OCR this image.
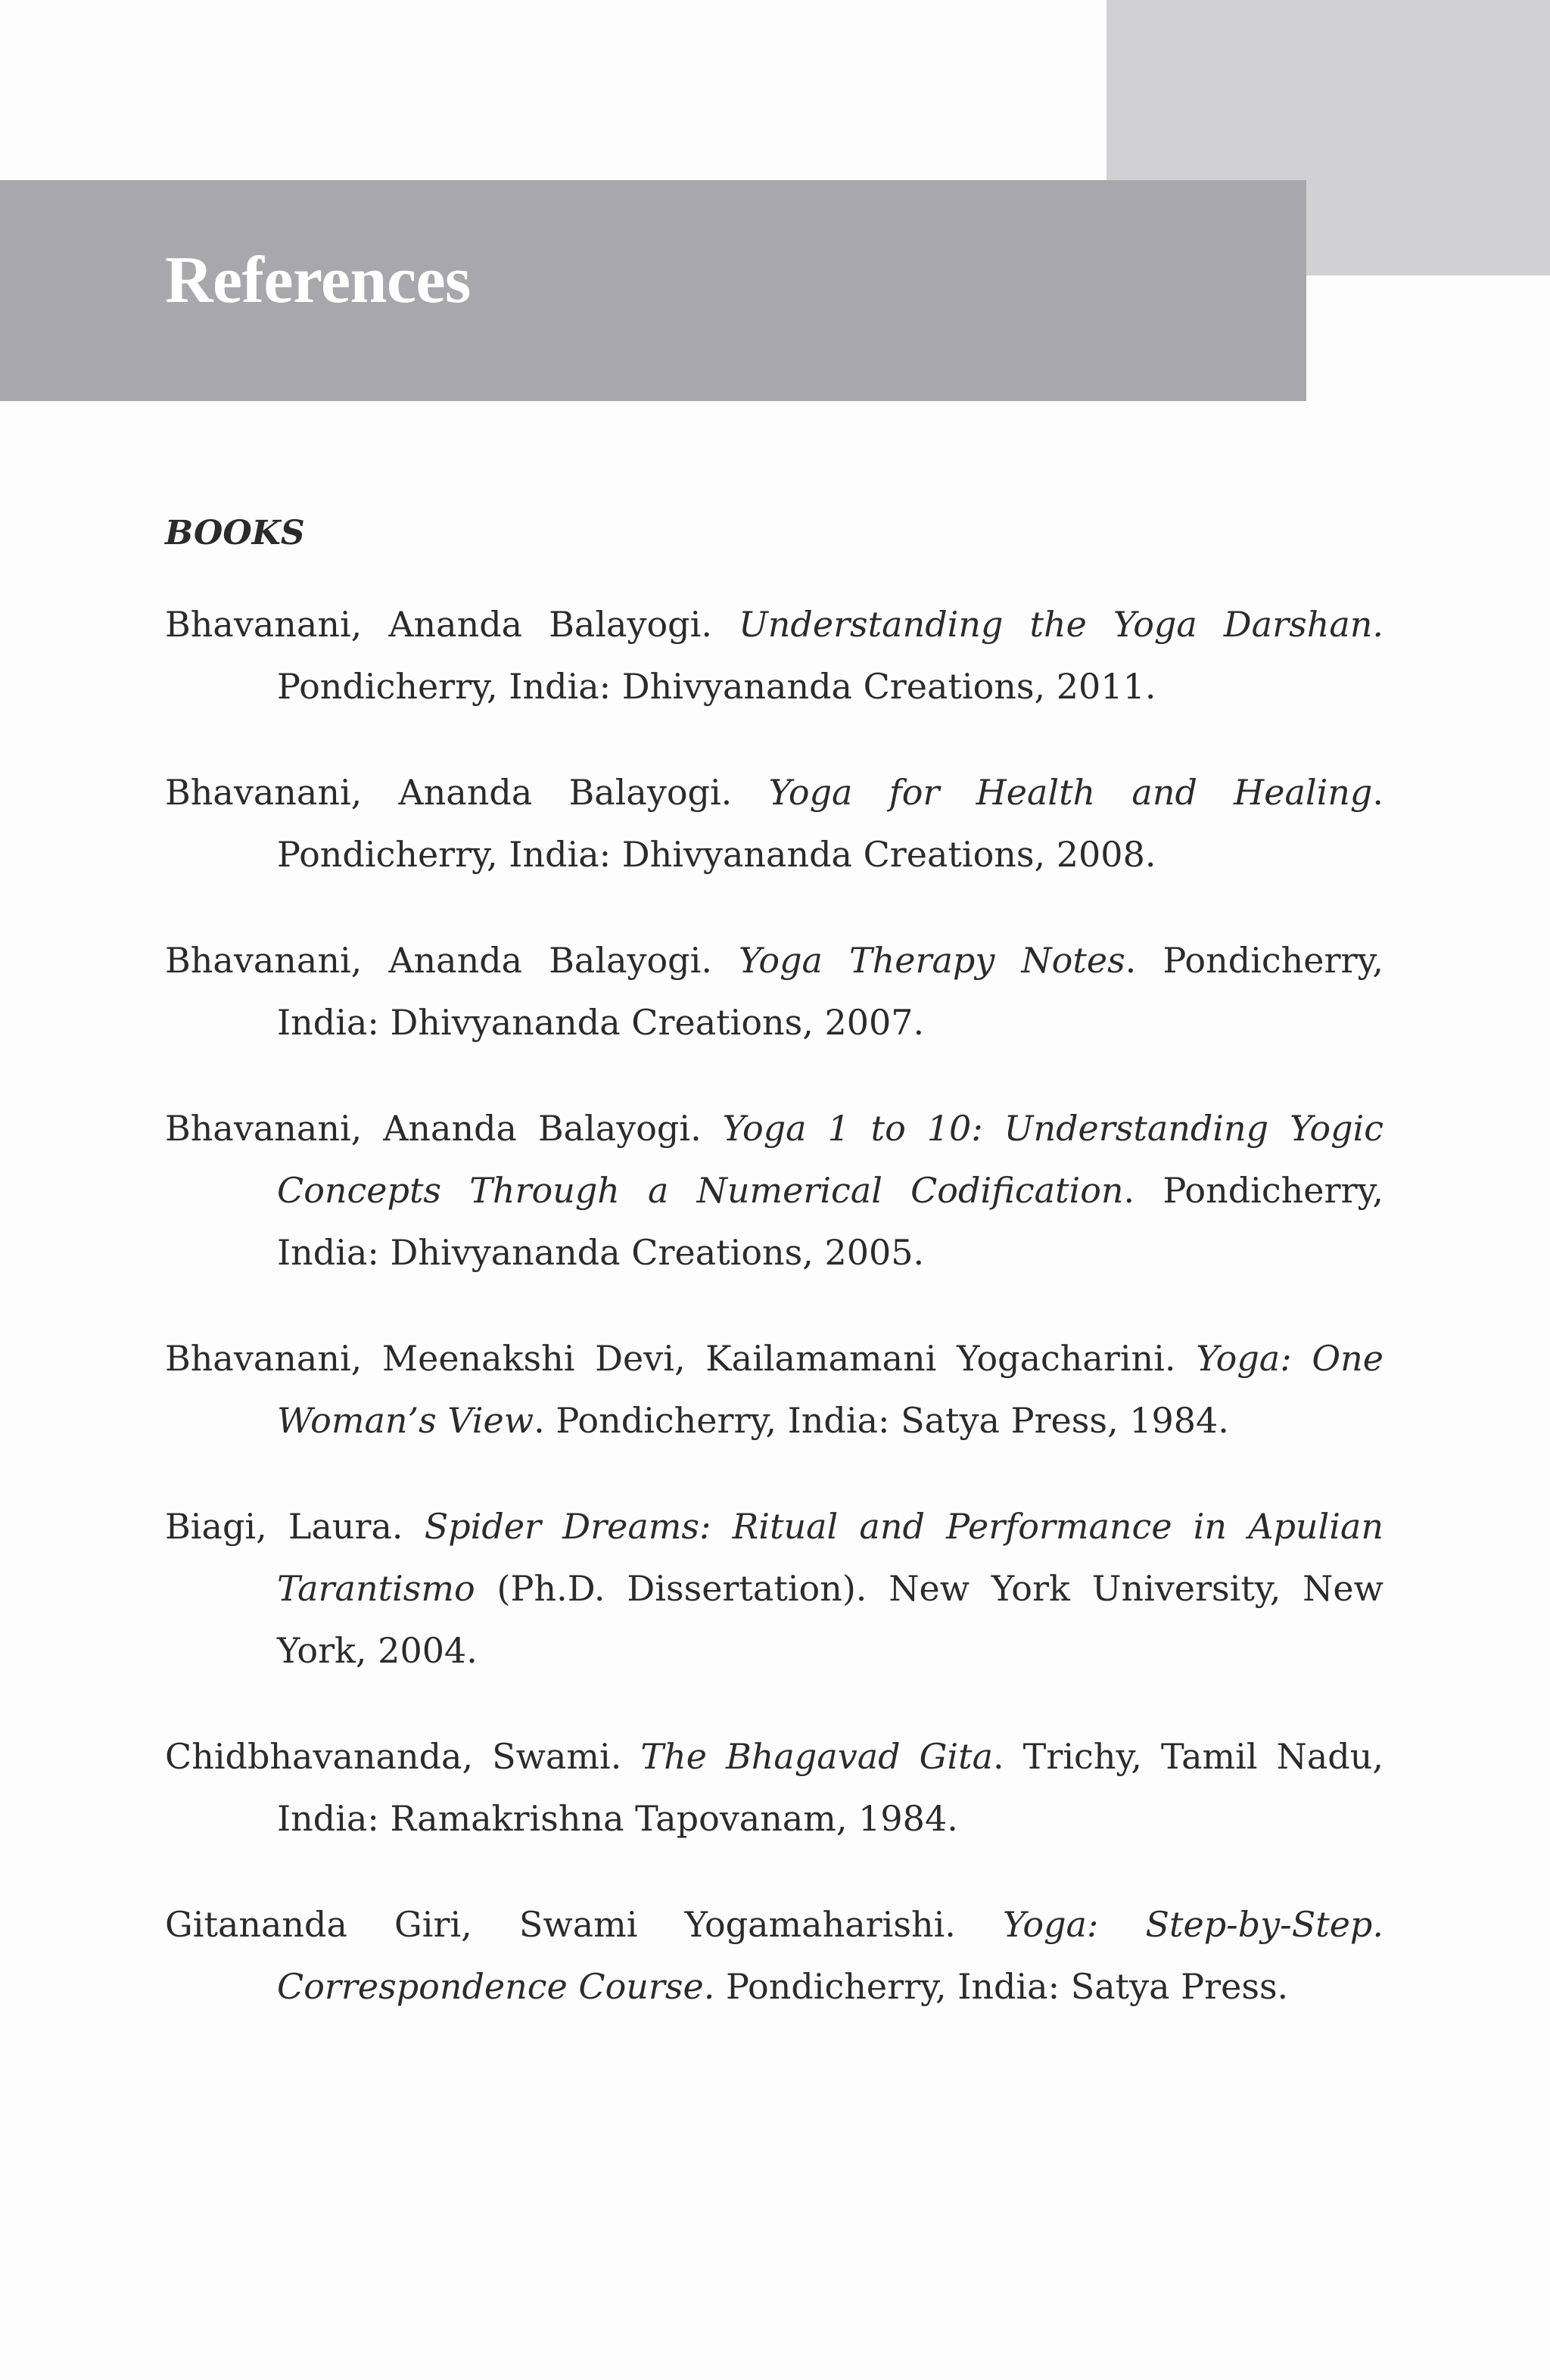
References
BOOKS
Bhavanani, Ananda Balayogi. Understanding the Yoga Darshan. Pondicherry, India: Dhivyananda Creations, 2011.
Bhavanani, Ananda Balayogi. Yoga for Health and Healing. Pondicherry, India: Dhivyananda Creations, 2008.
Bhavanani, Ananda Balayogi. Yoga Therapy Notes. Pondicherry, India: Dhivyananda Creations, 2007.
Bhavanani, Ananda Balayogi. Yoga 1 to 10: Understanding Yogic Concepts Through a Numerical Codification. Pondicherry, India: Dhivyananda Creations, 2005.
Bhavanani, Meenakshi Devi, Kailamamani Yogacharini. Yoga: One Woman’s View. Pondicherry, India: Satya Press, 1984.
Biagi, Laura. Spider Dreams: Ritual and Performance in Apulian Tarantismo (Ph.D. Dissertation). New York University, New York, 2004.
Chidbhavananda, Swami. The Bhagavad Gita. Trichy, Tamil Nadu, India: Ramakrishna Tapovanam, 1984.
Gitananda Giri, Swami Yogamaharishi. Yoga: Step-by-Step. Correspondence Course. Pondicherry, India: Satya Press.
